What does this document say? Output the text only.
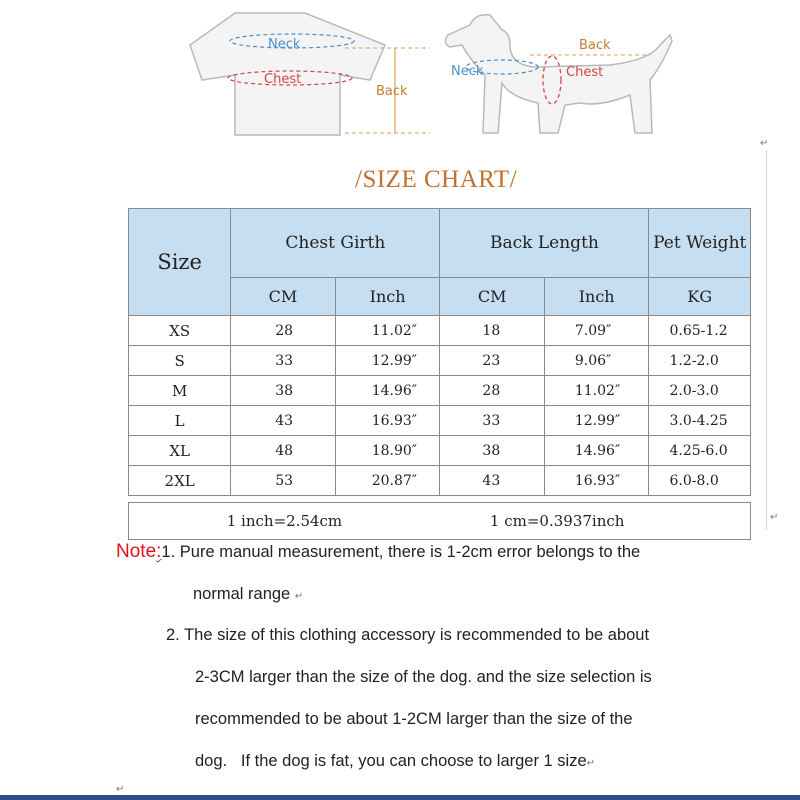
Neck
Chest
Back
Neck	Chest
Back
↵
/SIZE CHART/
Size	Chest Girth		Back Length		Pet Weight
	CM	Inch	CM	Inch	KG
XS	28	11.02″	18	7.09″	0.65-1.2
S	33	12.99″	23	9.06″	1.2-2.0
M	38	14.96″	28	11.02″	2.0-3.0
L	43	16.93″	33	12.99″	3.0-4.25
XL	48	18.90″	38	14.96″	4.25-6.0
2XL	53	20.87″	43	16.93″	6.0-8.0

1 inch=2.54cm			1 cm=0.3937inch			↵
Note:1. Pure manual measurement, there is 1-2cm error belongs to the
normal range ↵
2. The size of this clothing accessory is recommended to be about
2-3CM larger than the size of the dog. and the size selection is
recommended to be about 1-2CM larger than the size of the
dog.   If the dog is fat, you can choose to larger 1 size↵
↵
